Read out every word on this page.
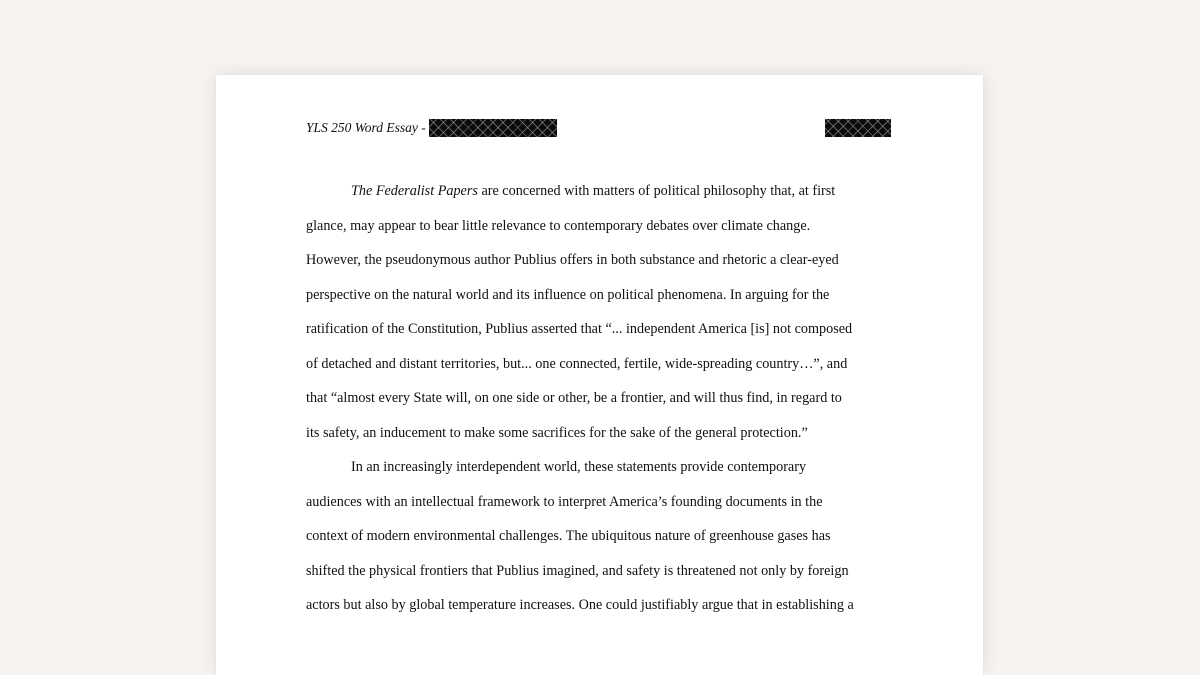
YLS 250 Word Essay -
The Federalist Papers are concerned with matters of political philosophy that, at first
glance, may appear to bear little relevance to contemporary debates over climate change.
However, the pseudonymous author Publius offers in both substance and rhetoric a clear-eyed
perspective on the natural world and its influence on political phenomena. In arguing for the
ratification of the Constitution, Publius asserted that “... independent America [is] not composed
of detached and distant territories, but... one connected, fertile, wide-spreading country…”, and
that “almost every State will, on one side or other, be a frontier, and will thus find, in regard to
its safety, an inducement to make some sacrifices for the sake of the general protection.”
In an increasingly interdependent world, these statements provide contemporary
audiences with an intellectual framework to interpret America’s founding documents in the
context of modern environmental challenges. The ubiquitous nature of greenhouse gases has
shifted the physical frontiers that Publius imagined, and safety is threatened not only by foreign
actors but also by global temperature increases. One could justifiably argue that in establishing a
